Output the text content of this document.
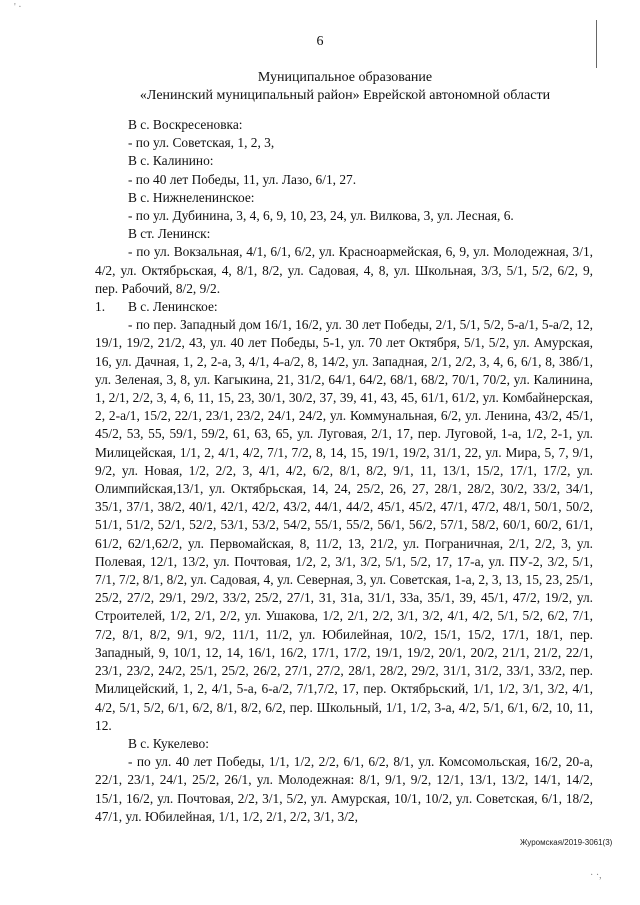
' ·
6
Муниципальное образование
«Ленинский муниципальный район» Еврейской автономной области

В с. Воскресеновка:

- по ул. Советская, 1, 2, 3,

В с. Калинино:

- по 40 лет Победы, 11, ул. Лазо, 6/1, 27.

В с. Нижнеленинское:

- по ул. Дубинина, 3, 4, 6, 9, 10, 23, 24, ул. Вилкова, 3, ул. Лесная, 6.

В ст. Ленинск:

- по ул. Вокзальная, 4/1, 6/1, 6/2, ул. Красноармейская, 6, 9, ул. Молодежная, 3/1, 4/2, ул. Октябрьская, 4, 8/1, 8/2, ул. Садовая, 4, 8, ул. Школьная, 3/3, 5/1, 5/2, 6/2, 9, пер. Рабочий, 8/2, 9/2.

1. В с. Ленинское:

- по пер. Западный дом 16/1, 16/2, ул. 30 лет Победы, 2/1, 5/1, 5/2, 5-а/1, 5-а/2, 12, 19/1, 19/2, 21/2, 43, ул. 40 лет Победы, 5-1, ул. 70 лет Октября, 5/1, 5/2, ул. Амурская, 16, ул. Дачная, 1, 2, 2-а, 3, 4/1, 4-а/2, 8, 14/2, ул. Западная, 2/1, 2/2, 3, 4, 6, 6/1, 8, 38б/1, ул. Зеленая, 3, 8, ул. Кагыкина, 21, 31/2, 64/1, 64/2, 68/1, 68/2, 70/1, 70/2, ул. Калинина, 1, 2/1, 2/2, 3, 4, 6, 11, 15, 23, 30/1, 30/2, 37, 39, 41, 43, 45, 61/1, 61/2, ул. Комбайнерская, 2, 2-а/1, 15/2, 22/1, 23/1, 23/2, 24/1, 24/2, ул. Коммунальная, 6/2, ул. Ленина, 43/2, 45/1, 45/2, 53, 55, 59/1, 59/2, 61, 63, 65, ул. Луговая, 2/1, 17, пер. Луговой, 1-а, 1/2, 2-1, ул. Милицейская, 1/1, 2, 4/1, 4/2, 7/1, 7/2, 8, 14, 15, 19/1, 19/2, 31/1, 22, ул. Мира, 5, 7, 9/1, 9/2, ул. Новая, 1/2, 2/2, 3, 4/1, 4/2, 6/2, 8/1, 8/2, 9/1, 11, 13/1, 15/2, 17/1, 17/2, ул. Олимпийская,13/1, ул. Октябрьская, 14, 24, 25/2, 26, 27, 28/1, 28/2, 30/2, 33/2, 34/1, 35/1, 37/1, 38/2, 40/1, 42/1, 42/2, 43/2, 44/1, 44/2, 45/1, 45/2, 47/1, 47/2, 48/1, 50/1, 50/2, 51/1, 51/2, 52/1, 52/2, 53/1, 53/2, 54/2, 55/1, 55/2, 56/1, 56/2, 57/1, 58/2, 60/1, 60/2, 61/1, 61/2, 62/1,62/2, ул. Первомайская, 8, 11/2, 13, 21/2, ул. Пограничная, 2/1, 2/2, 3, ул. Полевая, 12/1, 13/2, ул. Почтовая, 1/2, 2, 3/1, 3/2, 5/1, 5/2, 17, 17-а, ул. ПУ-2, 3/2, 5/1, 7/1, 7/2, 8/1, 8/2, ул. Садовая, 4, ул. Северная, 3, ул. Советская, 1-а, 2, 3, 13, 15, 23, 25/1, 25/2, 27/2, 29/1, 29/2, 33/2, 25/2, 27/1, 31, 31а, 31/1, 33а, 35/1, 39, 45/1, 47/2, 19/2, ул. Строителей, 1/2, 2/1, 2/2, ул. Ушакова, 1/2, 2/1, 2/2, 3/1, 3/2, 4/1, 4/2, 5/1, 5/2, 6/2, 7/1, 7/2, 8/1, 8/2, 9/1, 9/2, 11/1, 11/2, ул. Юбилейная, 10/2, 15/1, 15/2, 17/1, 18/1, пер. Западный, 9, 10/1, 12, 14, 16/1, 16/2, 17/1, 17/2, 19/1, 19/2, 20/1, 20/2, 21/1, 21/2, 22/1, 23/1, 23/2, 24/2, 25/1, 25/2, 26/2, 27/1, 27/2, 28/1, 28/2, 29/2, 31/1, 31/2, 33/1, 33/2, пер. Милицейский, 1, 2, 4/1, 5-а, 6-а/2, 7/1,7/2, 17, пер. Октябрьский, 1/1, 1/2, 3/1, 3/2, 4/1, 4/2, 5/1, 5/2, 6/1, 6/2, 8/1, 8/2, 6/2, пер. Школьный, 1/1, 1/2, 3-а, 4/2, 5/1, 6/1, 6/2, 10, 11, 12.

В с. Кукелево:

- по ул. 40 лет Победы, 1/1, 1/2, 2/2, 6/1, 6/2, 8/1, ул. Комсомольская, 16/2, 20-а, 22/1, 23/1, 24/1, 25/2, 26/1, ул. Молодежная: 8/1, 9/1, 9/2, 12/1, 13/1, 13/2, 14/1, 14/2, 15/1, 16/2, ул. Почтовая, 2/2, 3/1, 5/2, ул. Амурская, 10/1, 10/2, ул. Советская, 6/1, 18/2, 47/1, ул. Юбилейная, 1/1, 1/2, 2/1, 2/2, 3/1, 3/2,

Журомская/2019-3061(3)
· ·,
